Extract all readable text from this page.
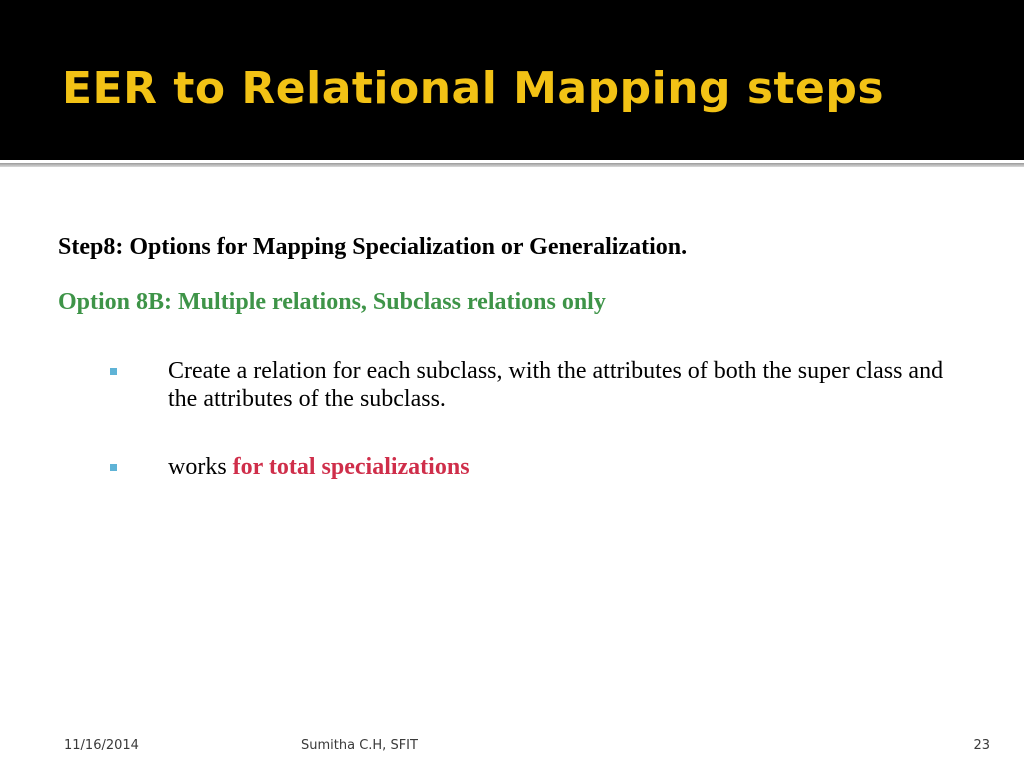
EER to Relational Mapping steps

Step8: Options for Mapping Specialization or Generalization.

Option 8B: Multiple relations, Subclass relations only

Create a relation for each subclass, with the attributes of both the super class and the attributes of the subclass.

works for total specializations

11/16/2014	Sumitha C.H, SFIT	23
